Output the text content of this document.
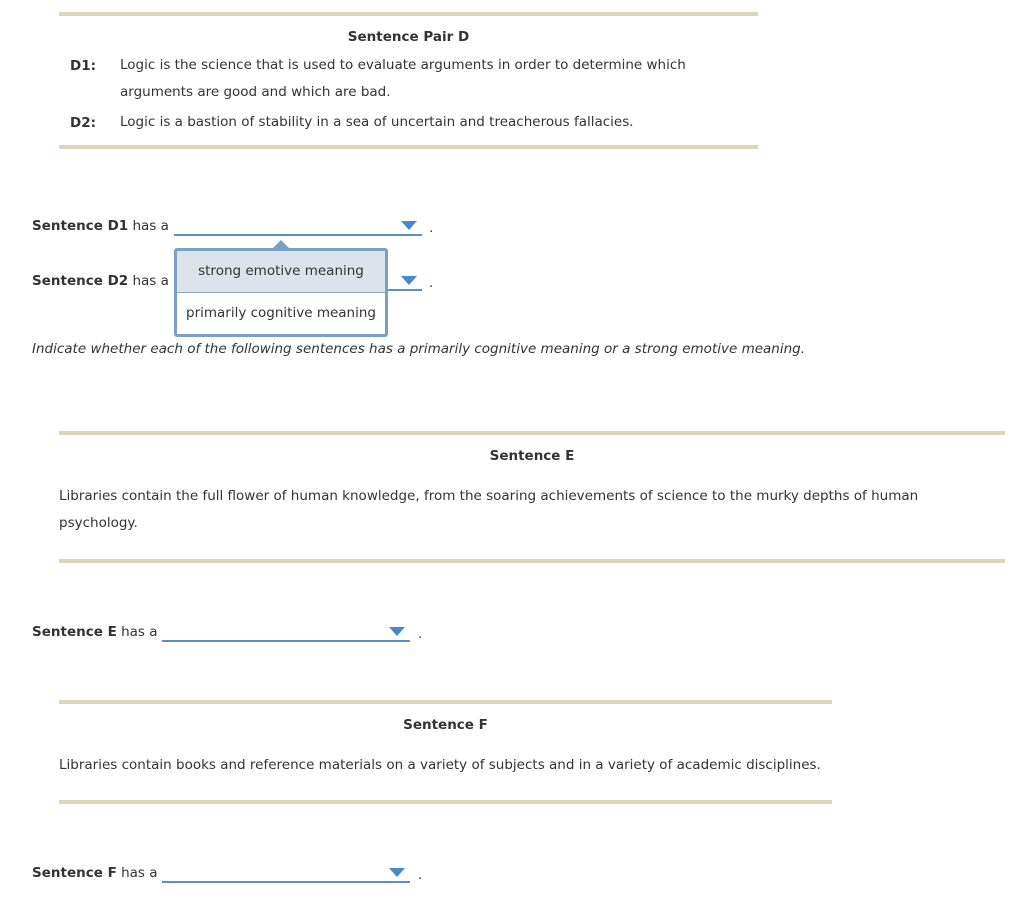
Sentence Pair D
D1: Logic is the science that is used to evaluate arguments in order to determine which arguments are good and which are bad.
D2: Logic is a bastion of stability in a sea of uncertain and treacherous fallacies.
Sentence D1 has a	.
Sentence D2 has a	.
strong emotive meaning
primarily cognitive meaning
Indicate whether each of the following sentences has a primarily cognitive meaning or a strong emotive meaning.
Sentence E
Libraries contain the full flower of human knowledge, from the soaring achievements of science to the murky depths of human psychology.
Sentence E has a	.
Sentence F
Libraries contain books and reference materials on a variety of subjects and in a variety of academic disciplines.
Sentence F has a	.
